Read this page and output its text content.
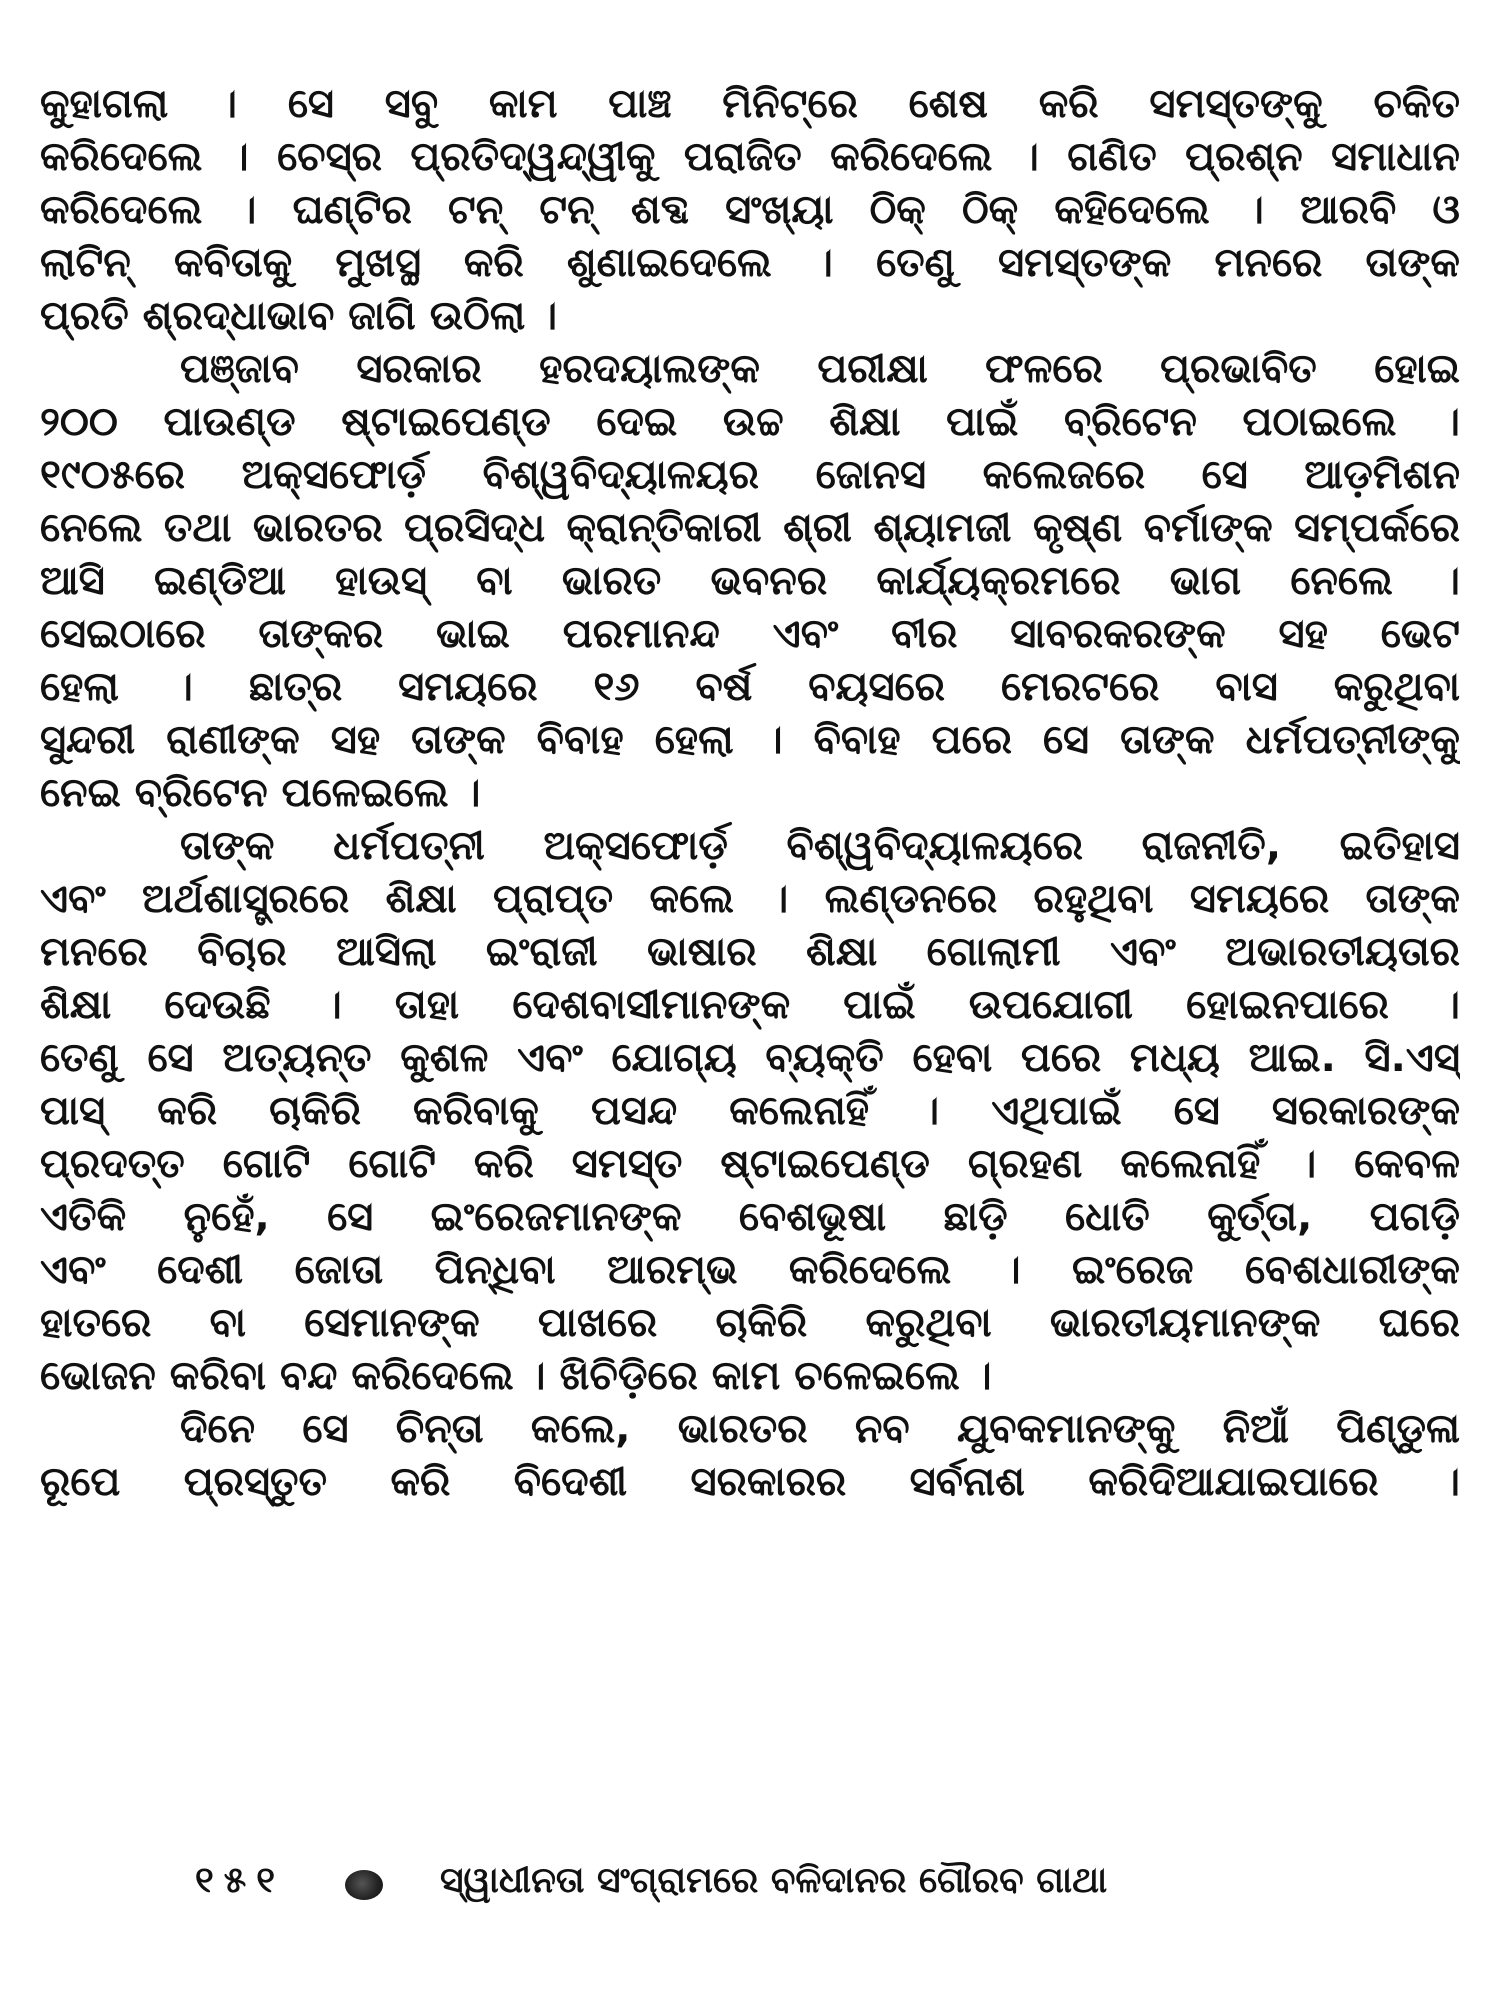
କୁହାଗଲା । ସେ ସବୁ କାମ ପାଞ୍ଚ ମିନିଟ୍‌ରେ ଶେଷ କରି ସମସ୍ତଙ୍କୁ ଚକିତ
କରିଦେଲେ । ଚେସ୍‌ର ପ୍ରତିଦ୍ୱନ୍ଦ୍ୱୀକୁ ପରାଜିତ କରିଦେଲେ । ଗଣିତ ପ୍ରଶ୍ନ ସମାଧାନ
କରିଦେଲେ । ଘଣ୍ଟିର ଟନ୍ ଟନ୍ ଶବ୍ଦ ସଂଖ୍ୟା ଠିକ୍ ଠିକ୍ କହିଦେଲେ । ଆରବି ଓ
ଲାଟିନ୍ କବିତାକୁ ମୁଖସ୍ଥ କରି ଶୁଣାଇଦେଲେ । ତେଣୁ ସମସ୍ତଙ୍କ ମନରେ ତାଙ୍କ
ପ୍ରତି ଶ୍ରଦ୍ଧାଭାବ ଜାଗି ଉଠିଲା ।
ପଞ୍ଜାବ ସରକାର ହରଦୟାଲଙ୍କ ପରୀକ୍ଷା ଫଳରେ ପ୍ରଭାବିତ ହୋଇ
୨୦୦ ପାଉଣ୍ଡ ଷ୍ଟାଇପେଣ୍ଡ ଦେଇ ଉଚ୍ଚ ଶିକ୍ଷା ପାଇଁ ବ୍ରିଟେନ ପଠାଇଲେ ।
୧୯୦୫ରେ ଅକ୍ସଫୋର୍ଡ଼ ବିଶ୍ୱବିଦ୍ୟାଳୟର ଜୋନସ କଲେଜରେ ସେ ଆଡ଼ମିଶନ
ନେଲେ ତଥା ଭାରତର ପ୍ରସିଦ୍ଧ କ୍ରାନ୍ତିକାରୀ ଶ୍ରୀ ଶ୍ୟାମଜୀ କୃଷ୍ଣ ବର୍ମାଙ୍କ ସମ୍ପର୍କରେ
ଆସି ଇଣ୍ଡିଆ ହାଉସ୍ ବା ଭାରତ ଭବନର କାର୍ଯ୍ୟକ୍ରମରେ ଭାଗ ନେଲେ ।
ସେଇଠାରେ ତାଙ୍କର ଭାଇ ପରମାନନ୍ଦ ଏବଂ ବୀର ସାବରକରଙ୍କ ସହ ଭେଟ
ହେଲା । ଛାତ୍ର ସମୟରେ ୧୬ ବର୍ଷ ବୟସରେ ମେରଟରେ ବାସ କରୁଥିବା
ସୁନ୍ଦରୀ ରାଣୀଙ୍କ ସହ ତାଙ୍କ ବିବାହ ହେଲା । ବିବାହ ପରେ ସେ ତାଙ୍କ ଧର୍ମପତ୍ନୀଙ୍କୁ
ନେଇ ବ୍ରିଟେନ ପଳେଇଲେ ।
ତାଙ୍କ ଧର୍ମପତ୍ନୀ ଅକ୍ସଫୋର୍ଡ଼ ବିଶ୍ୱବିଦ୍ୟାଳୟରେ ରାଜନୀତି, ଇତିହାସ
ଏବଂ ଅର୍ଥଶାସ୍ତ୍ରରେ ଶିକ୍ଷା ପ୍ରାପ୍ତ କଲେ । ଲଣ୍ଡନରେ ରହୁଥିବା ସମୟରେ ତାଙ୍କ
ମନରେ ବିଚାର ଆସିଲା ଇଂରାଜୀ ଭାଷାର ଶିକ୍ଷା ଗୋଲାମୀ ଏବଂ ଅଭାରତୀୟତାର
ଶିକ୍ଷା ଦେଉଛି । ତାହା ଦେଶବାସୀମାନଙ୍କ ପାଇଁ ଉପଯୋଗୀ ହୋଇନପାରେ ।
ତେଣୁ ସେ ଅତ୍ୟନ୍ତ କୁଶଳ ଏବଂ ଯୋଗ୍ୟ ବ୍ୟକ୍ତି ହେବା ପରେ ମଧ୍ୟ ଆଇ. ସି.ଏସ୍
ପାସ୍ କରି ଚାକିରି କରିବାକୁ ପସନ୍ଦ କଲେନାହିଁ । ଏଥିପାଇଁ ସେ ସରକାରଙ୍କ
ପ୍ରଦତ୍ତ ଗୋଟି ଗୋଟି କରି ସମସ୍ତ ଷ୍ଟାଇପେଣ୍ଡ ଗ୍ରହଣ କଲେନାହିଁ । କେବଳ
ଏତିକି ନୁହେଁ, ସେ ଇଂରେଜମାନଙ୍କ ବେଶଭୂଷା ଛାଡ଼ି ଧୋତି କୁର୍ତ୍ତା, ପଗଡ଼ି
ଏବଂ ଦେଶୀ ଜୋତା ପିନ୍ଧିବା ଆରମ୍ଭ କରିଦେଲେ । ଇଂରେଜ ବେଶଧାରୀଙ୍କ
ହାତରେ ବା ସେମାନଙ୍କ ପାଖରେ ଚାକିରି କରୁଥିବା ଭାରତୀୟମାନଙ୍କ ଘରେ
ଭୋଜନ କରିବା ବନ୍ଦ କରିଦେଲେ । ଖିଚିଡ଼ିରେ କାମ ଚଳେଇଲେ ।
ଦିନେ ସେ ଚିନ୍ତା କଲେ, ଭାରତର ନବ ଯୁବକମାନଙ୍କୁ ନିଆଁ ପିଣ୍ଡୁଳା
ରୂପେ ପ୍ରସ୍ତୁତ କରି ବିଦେଶୀ ସରକାରର ସର୍ବନାଶ କରିଦିଆଯାଇପାରେ ।
୧୫୧	ସ୍ୱାଧୀନତା ସଂଗ୍ରାମରେ ବଳିଦାନର ଗୌରବ ଗାଥା
